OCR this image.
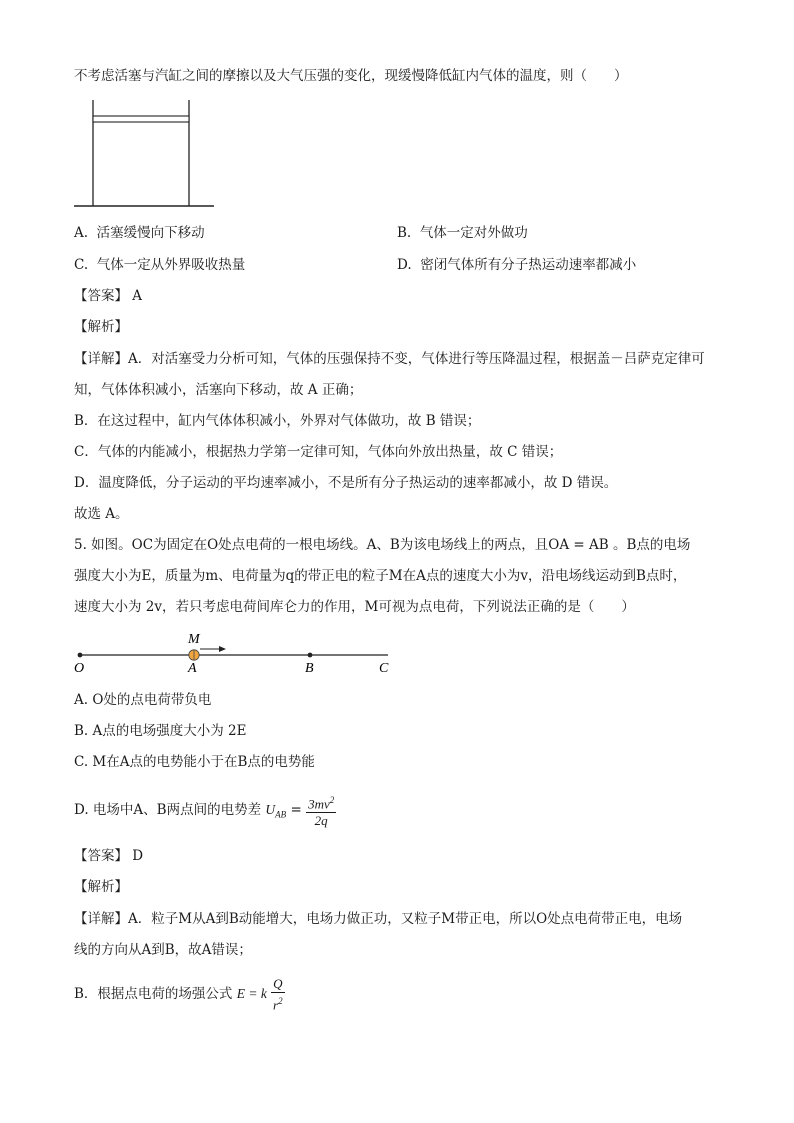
不考虑活塞与汽缸之间的摩擦以及大气压强的变化，现缓慢降低缸内气体的温度，则（　　）
A. 活塞缓慢向下移动	B. 气体一定对外做功
C. 气体一定从外界吸收热量	D. 密闭气体所有分子热运动速率都减小
【答案】 A
【解析】
【详解】A．对活塞受力分析可知，气体的压强保持不变，气体进行等压降温过程，根据盖－吕萨克定律可
知，气体体积减小，活塞向下移动，故 A 正确；
B．在这过程中，缸内气体体积减小，外界对气体做功，故 B 错误；
C．气体的内能减小，根据热力学第一定律可知，气体向外放出热量，故 C 错误；
D．温度降低，分子运动的平均速率减小，不是所有分子热运动的速率都减小，故 D 错误。
故选 A。
5. 如图。OC为固定在O处点电荷的一根电场线。A、B为该电场线上的两点，且OA = AB 。B点的电场
强度大小为E，质量为m、电荷量为q的带正电的粒子M在A点的速度大小为v，沿电场线运动到B点时，
速度大小为 2v，若只考虑电荷间库仑力的作用，M可视为点电荷，下列说法正确的是（　　）
M
O	A	B	C
A. O处的点电荷带负电
B. A点的电场强度大小为 2E
C. M在A点的电势能小于在B点的电势能
D. 电场中A、B两点间的电势差 $U_{AB} = \frac{3mv^2}{2q}$
【答案】 D
【解析】
【详解】A．粒子M从A到B动能增大，电场力做正功，又粒子M带正电，所以O处点电荷带正电，电场
线的方向从A到B，故A错误；
B．根据点电荷的场强公式 E = k $\frac{Q}{r^2}$
